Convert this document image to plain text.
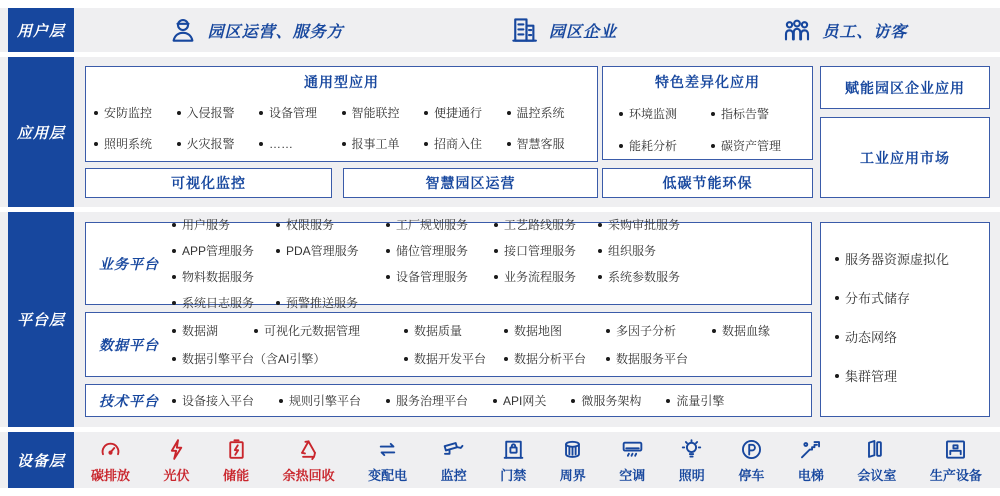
用户层	园区运营、服务方	园区企业	员工、访客
应用层
通用型应用
安防监控	入侵报警	设备管理	智能联控	便捷通行	温控系统
照明系统	火灾报警	……	报事工单	招商入住	智慧客服
特色差异化应用
环境监测	指标告警
能耗分析	碳资产管理
赋能园区企业应用
工业应用市场
可视化监控	智慧园区运营	低碳节能环保
平台层
业务平台
用户服务	权限服务	工厂规划服务	工艺路线服务	采购审批服务
APP管理服务	PDA管理服务	储位管理服务	接口管理服务	组织服务
物料数据服务	设备管理服务	业务流程服务	系统参数服务
系统日志服务	预警推送服务
数据平台
数据湖	可视化元数据管理	数据质量	数据地图	多因子分析	数据血缘
数据引擎平台（含AI引擎）	数据开发平台	数据分析平台	数据服务平台
技术平台	设备接入平台	规则引擎平台	服务治理平台	API网关	微服务架构	流量引擎
服务器资源虚拟化
分布式储存
动态网络
集群管理
设备层
碳排放	光伏	储能	余热回收	变配电	监控	门禁	周界	空调	照明	停车	电梯	会议室	生产设备
